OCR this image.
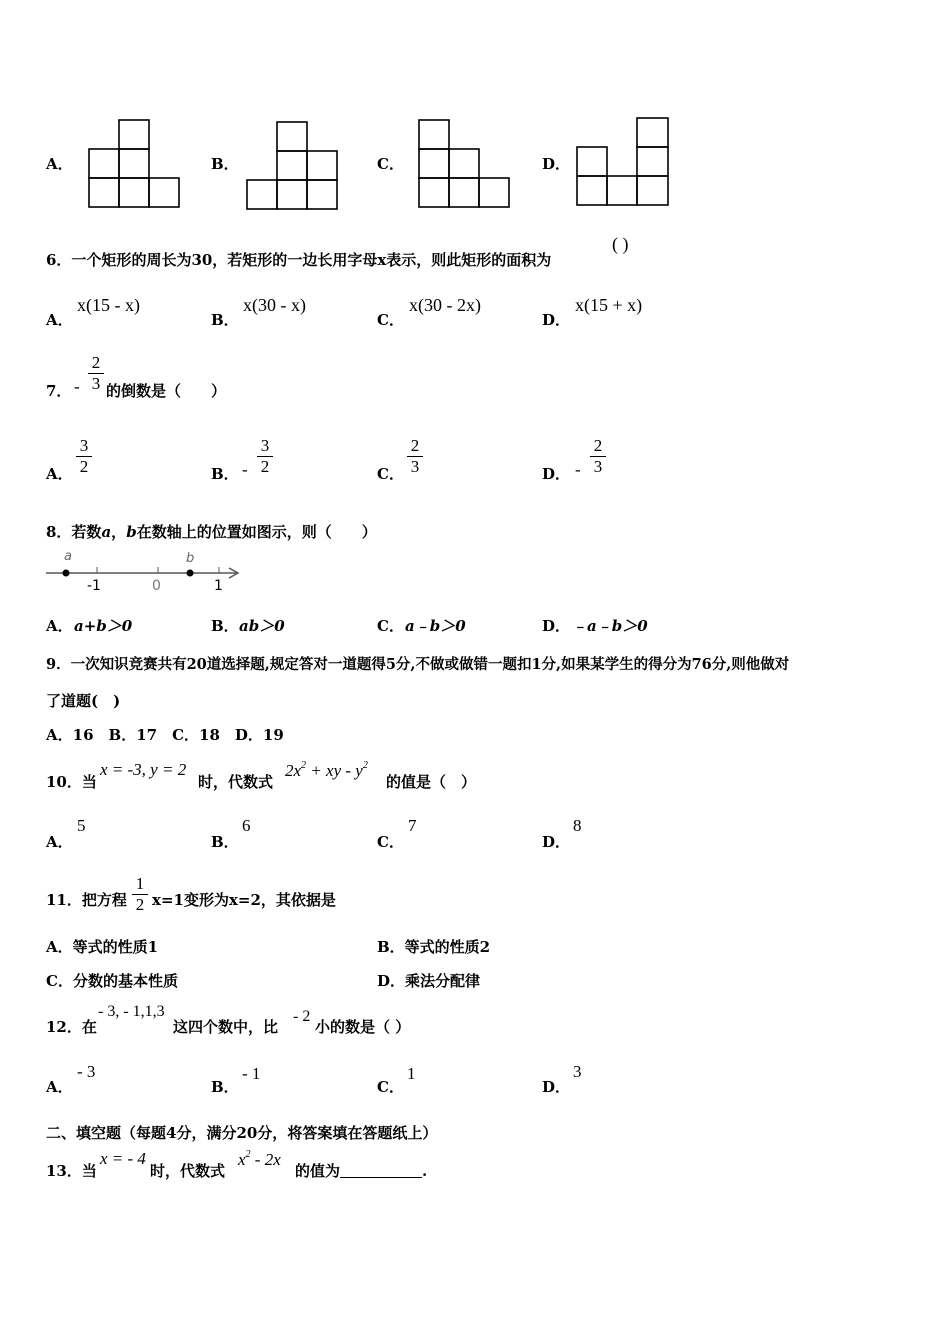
A．	B．	C．	D．
6．一个矩形的周长为30，若矩形的一边长用字母x表示，则此矩形的面积为
( )
A．
x(15 - x)
B．
x(30 - x)
C．
x(30 - 2x)
D．
x(15 + x)
7． -
2
3 的倒数是（　　）
A．
3
2	B． -
3
2	C．
2
3	D． -
2
3
8．若数a，b在数轴上的位置如图示，则（　　）
a	b
-1	0	1
A． a+b＞0	B． ab＞0	C． a﹣b＞0	D． ﹣a﹣b＞0
9．一次知识竞赛共有20道选择题,规定答对一道题得5分,不做或做错一题扣1分,如果某学生的得分为76分,则他做对
了道题(　)
A．16　B．17　C．18　D．19
10．当
x = -3, y = 2
时，代数式
$2x^2$ + xy - $y^2$
的值是（　）
A．
5
B．
6
C．
7
D．
8
11．把方程
1
2 x=1变形为x=2，其依据是
A．等式的性质1	B．等式的性质2
C．分数的基本性质	D．乘法分配律
12．在
- 3, - 1,1,3
这四个数中，比
- 2
小的数是（ ）
A．
- 3
B．
- 1
C．
1
D．
3
二、填空题（每题4分，满分20分，将答案填在答题纸上）
13．当
x = - 4
时，代数式
$x^2 - 2x$
的值为	.
